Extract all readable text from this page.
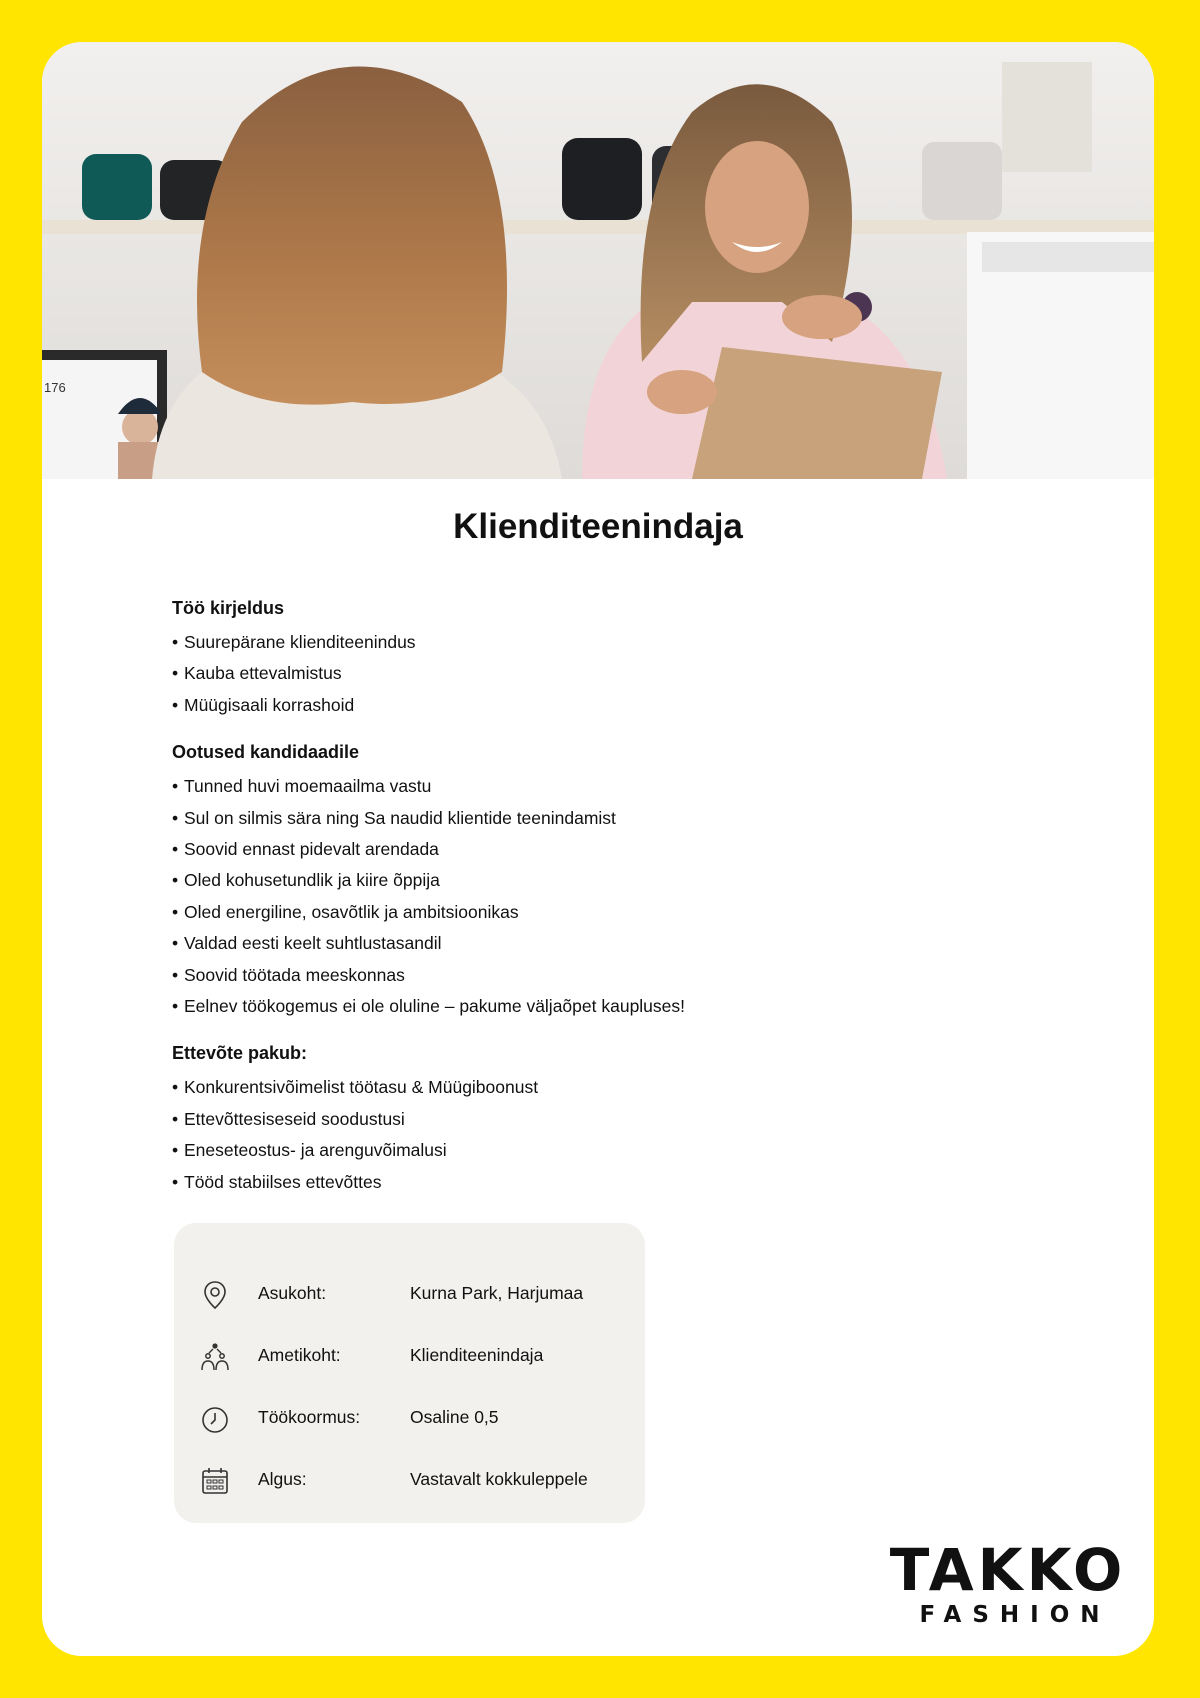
176
Klienditeenindaja
Töö kirjeldus
• Suurepärane klienditeenindus
• Kauba ettevalmistus
• Müügisaali korrashoid
Ootused kandidaadile
• Tunned huvi moemaailma vastu
• Sul on silmis sära ning Sa naudid klientide teenindamist
• Soovid ennast pidevalt arendada
• Oled kohusetundlik ja kiire õppija
• Oled energiline, osavõtlik ja ambitsioonikas
• Valdad eesti keelt suhtlustasandil
• Soovid töötada meeskonnas
• Eelnev töökogemus ei ole oluline – pakume väljaõpet kaupluses!
Ettevõte pakub:
• Konkurentsivõimelist töötasu & Müügiboonust
• Ettevõttesiseseid soodustusi
• Eneseteostus- ja arenguvõimalusi
• Tööd stabiilses ettevõttes
Asukoht:	Kurna Park, Harjumaa
Ametikoht:	Klienditeenindaja
Töökoormus:	Osaline 0,5
Algus:	Vastavalt kokkuleppele
TAKKO
FASHION
